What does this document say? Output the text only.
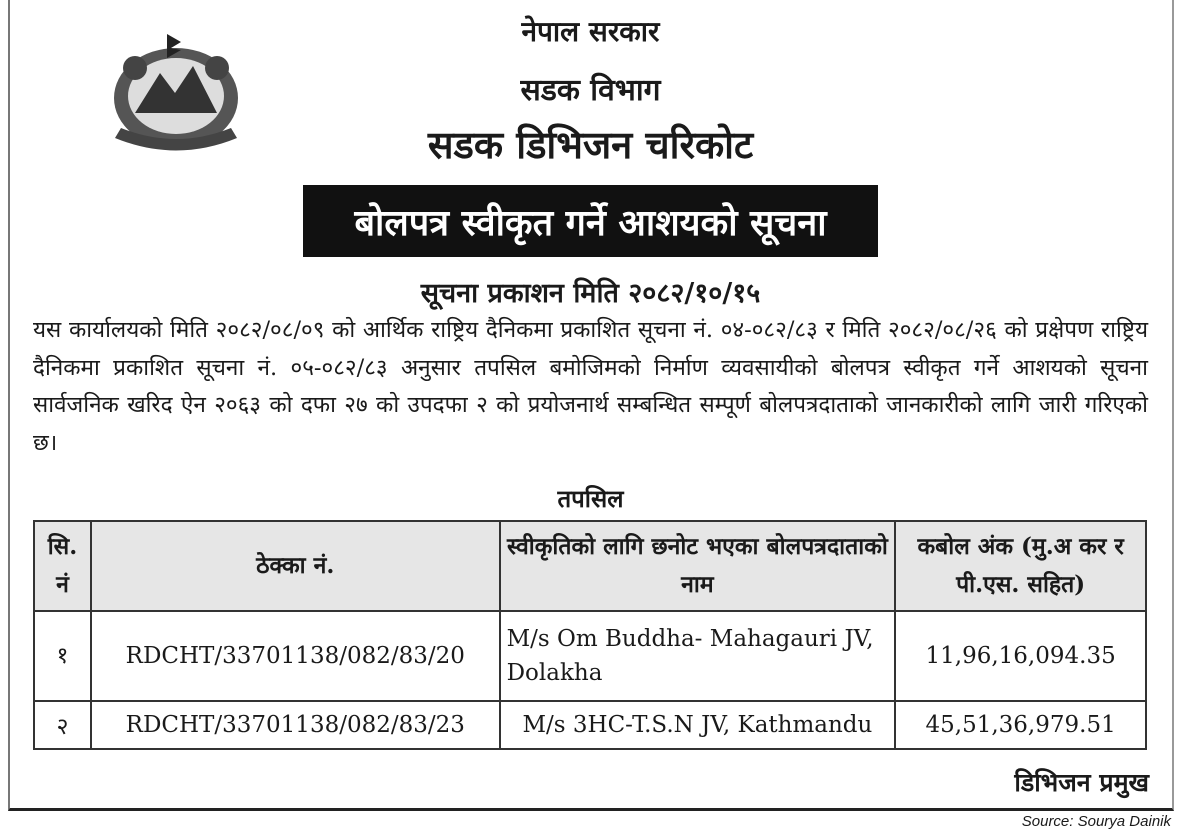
नेपाल सरकार
सडक विभाग
सडक डिभिजन चरिकोट
बोलपत्र स्वीकृत गर्ने आशयको सूचना
सूचना प्रकाशन मिति २०८२/१०/१५
यस कार्यालयको मिति २०८२/०८/०९ को आर्थिक राष्ट्रिय दैनिकमा प्रकाशित सूचना नं. ०४-०८२/८३ र मिति २०८२/०८/२६ को प्रक्षेपण राष्ट्रिय दैनिकमा प्रकाशित सूचना नं. ०५-०८२/८३ अनुसार तपसिल बमोजिमको निर्माण व्यवसायीको बोलपत्र स्वीकृत गर्ने आशयको सूचना सार्वजनिक खरिद ऐन २०६३ को दफा २७ को उपदफा २ को प्रयोजनार्थ सम्बन्धित सम्पूर्ण बोलपत्रदाताको जानकारीको लागि जारी गरिएको छ।
तपसिल
सि. नं	ठेक्का नं.	स्वीकृतिको लागि छनोट भएका बोलपत्रदाताको नाम	कबोल अंक (मु.अ कर र पी.एस. सहित)
१	RDCHT/33701138/082/83/20	M/s Om Buddha- Mahagauri JV, Dolakha	11,96,16,094.35
२	RDCHT/33701138/082/83/23	M/s 3HC-T.S.N JV, Kathmandu	45,51,36,979.51
डिभिजन प्रमुख
Source: Sourya Dainik
